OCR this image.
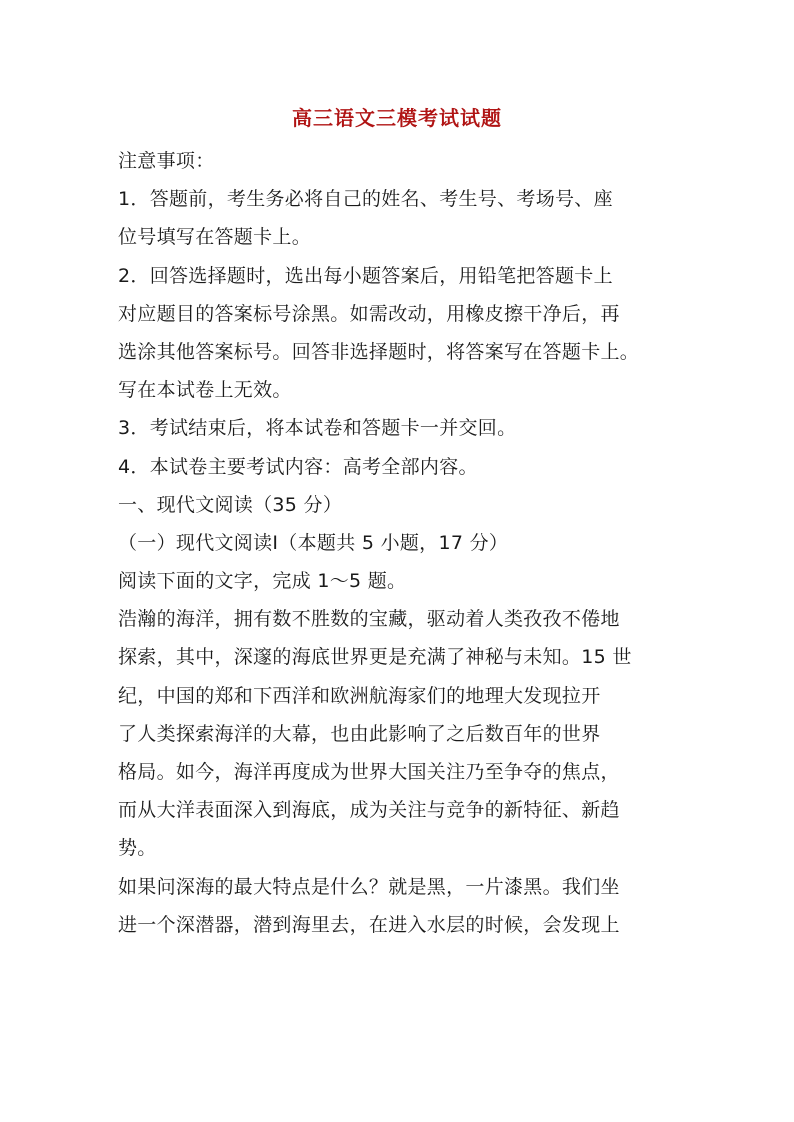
高三语文三模考试试题
注意事项：
1．答题前，考生务必将自己的姓名、考生号、考场号、座
位号填写在答题卡上。
2．回答选择题时，选出每小题答案后，用铅笔把答题卡上
对应题目的答案标号涂黑。如需改动，用橡皮擦干净后，再
选涂其他答案标号。回答非选择题时，将答案写在答题卡上。
写在本试卷上无效。
3．考试结束后，将本试卷和答题卡一并交回。
4．本试卷主要考试内容：高考全部内容。
一、现代文阅读（35 分）
（一）现代文阅读Ⅰ（本题共 5 小题，17 分）
阅读下面的文字，完成 1～5 题。
浩瀚的海洋，拥有数不胜数的宝藏，驱动着人类孜孜不倦地
探索，其中，深邃的海底世界更是充满了神秘与未知。15 世
纪，中国的郑和下西洋和欧洲航海家们的地理大发现拉开
了人类探索海洋的大幕，也由此影响了之后数百年的世界
格局。如今，海洋再度成为世界大国关注乃至争夺的焦点，
而从大洋表面深入到海底，成为关注与竞争的新特征、新趋
势。
如果问深海的最大特点是什么？就是黑，一片漆黑。我们坐
进一个深潜器，潜到海里去，在进入水层的时候，会发现上
